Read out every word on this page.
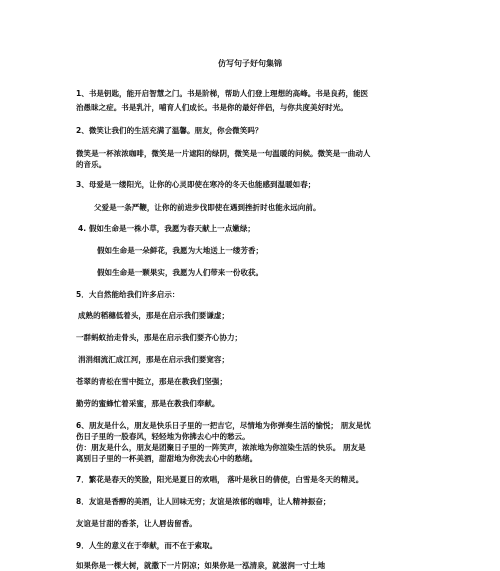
仿写句子好句集锦
1、书是钥匙，能开启智慧之门。书是阶梯，帮助人们登上理想的高峰。书是良药，能医
治愚昧之症。书是乳汁，哺育人们成长。书是你的最好伴侣，与你共度美好时光。
2、微笑让我们的生活充满了温馨。朋友，你会微笑吗？
微笑是一杯浓浓咖啡，微笑是一片遮阳的绿阴，微笑是一句温暖的问候。微笑是一曲动人
的音乐。
3、母爱是一缕阳光，让你的心灵即使在寒冷的冬天也能感到温暖如春；
父爱是一条严鞭，让你的前进步伐即使在遇到挫折时也能永远向前。
4. 假如生命是一株小草，我愿为春天献上一点嫩绿；
假如生命是一朵鲜花，我愿为大地送上一缕芳香；
假如生命是一颗果实，我愿为人们带来一份收获。
5．大自然能给我们许多启示：
成熟的稻穗低着头，那是在启示我们要谦虚；
一群蚂蚁抬走骨头，那是在启示我们要齐心协力；
涓涓细流汇成江河，那是在启示我们要宽容；
苍翠的青松在雪中挺立，那是在教我们坚强；
勤劳的蜜蜂忙着采蜜，那是在教我们奉献。
6、朋友是什么，朋友是快乐日子里的一把吉它，尽情地为你弹奏生活的愉悦； 朋友是忧
伤日子里的一股春风，轻轻地为你拂去心中的愁云。
仿：朋友是什么，朋友是团聚日子里的一阵笑声，浓浓地为你渲染生活的快乐。 朋友是
离别日子里的一杯美酒，甜甜地为你洗去心中的愁绪。
7．繁花是春天的笑脸，阳光是夏日的欢唱， 落叶是秋日的倩使，白雪是冬天的精灵。
8．友谊是香醇的美酒，让人回味无穷；友谊是浓郁的咖啡，让人精神振奋；
友谊是甘甜的香茶，让人唇齿留香。
9．人生的意义在于奉献，而不在于索取。
如果你是一棵大树，就撒下一片阴凉；如果你是一泓清泉，就滋润一寸土地
